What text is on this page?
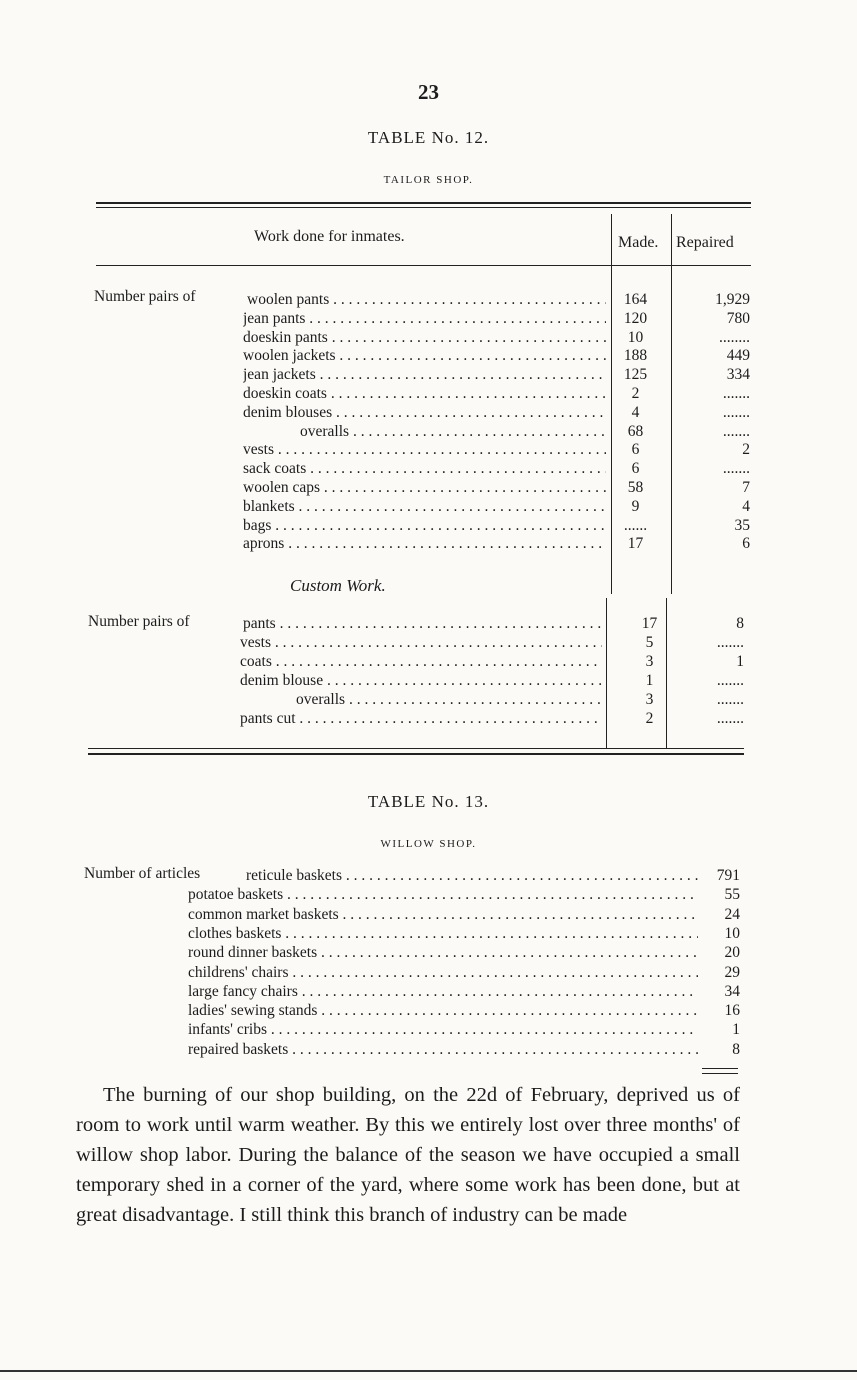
23
TABLE No. 12.
TAILOR SHOP.
Work done for inmates.	Made. Repaired
Number pairs of	woolen pants . . .	164	1,929
jean pants . . .	120	780
doeskin pants . . .	10	........
woolen jackets . . .	188	449
jean jackets . . .	125	334
doeskin coats . . .	2	.......
denim blouses . . .	4	.......
overalls . . .	68	.......
vests . . .	6	2
sack coats . . .	6	.......
woolen caps . . .	58	7
blankets . . .	9	4
bags . . .	......	35
aprons . . .	17	6
Custom Work.
Number pairs of	pants . . .	17	8
vests . . .	5	.......
coats . . .	3	1
denim blouse . . .	1	.......
overalls . . .	3	.......
pants cut . . .	2	.......
TABLE No. 13.
WILLOW SHOP.
Number of articles	reticule baskets . . .	791
potatoe baskets . . .	55
common market baskets . . .	24
clothes baskets . . .	10
round dinner baskets . . .	20
childrens' chairs . . .	29
large fancy chairs . . .	34
ladies' sewing stands . . .	16
infants' cribs . . .	1
repaired baskets . . .	8
The burning of our shop building, on the 22d of February, deprived us of room to work until warm weather. By this we entirely lost over three months' of willow shop labor. During the balance of the season we have occupied a small temporary shed in a corner of the yard, where some work has been done, but at great disadvantage. I still think this branch of industry can be made
